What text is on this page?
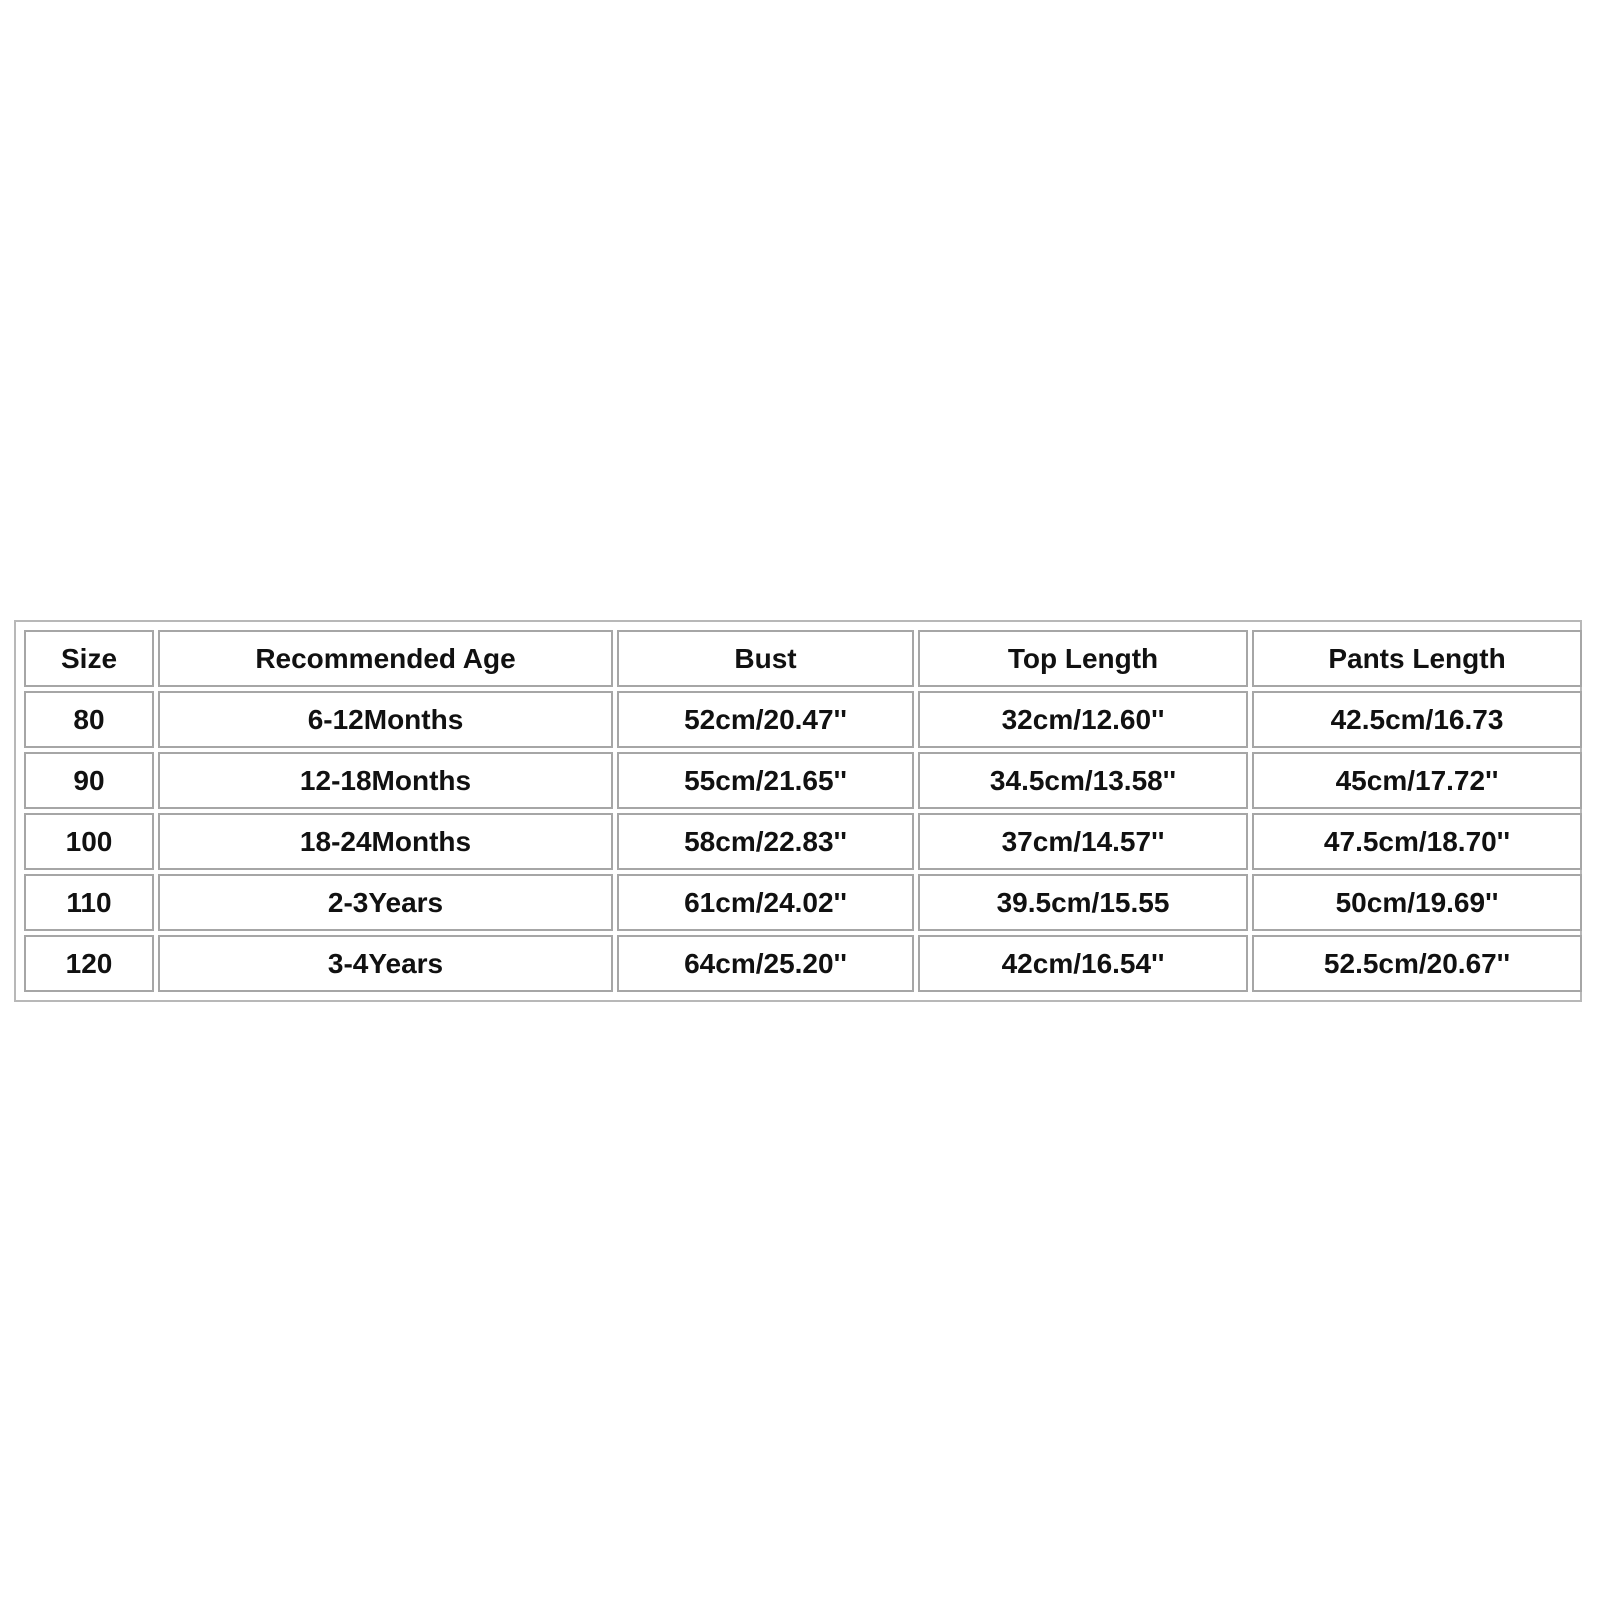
Size	Recommended Age	Bust	Top Length	Pants Length
80	6-12Months	52cm/20.47''	32cm/12.60''	42.5cm/16.73
90	12-18Months	55cm/21.65''	34.5cm/13.58''	45cm/17.72''
100	18-24Months	58cm/22.83''	37cm/14.57''	47.5cm/18.70''
110	2-3Years	61cm/24.02''	39.5cm/15.55	50cm/19.69''
120	3-4Years	64cm/25.20''	42cm/16.54''	52.5cm/20.67''
